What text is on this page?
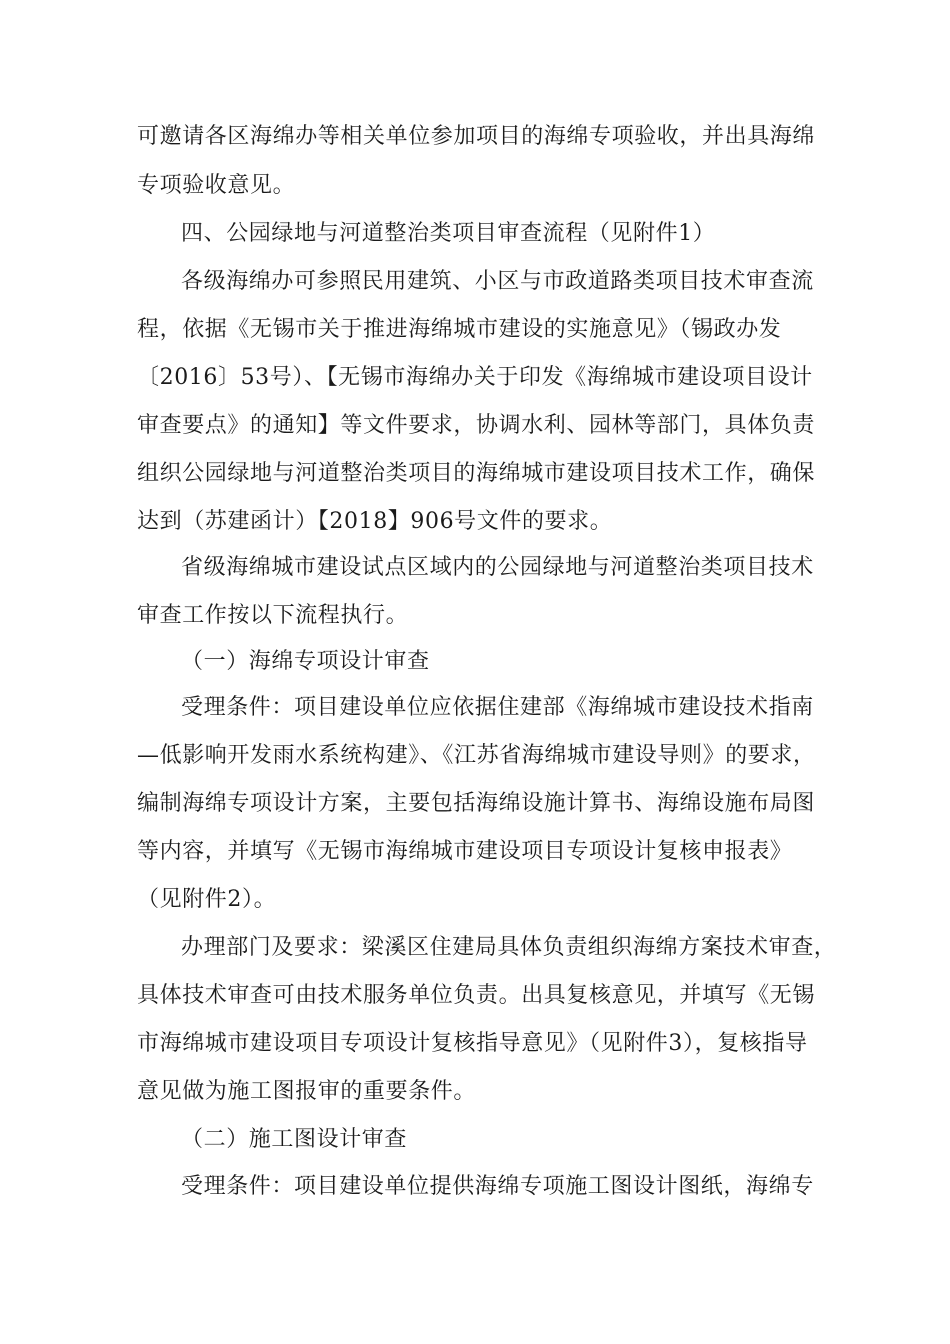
可邀请各区海绵办等相关单位参加项目的海绵专项验收，并出具海绵
专项验收意见。
四、公园绿地与河道整治类项目审查流程（见附件1）
各级海绵办可参照民用建筑、小区与市政道路类项目技术审查流
程，依据《无锡市关于推进海绵城市建设的实施意见》（锡政办发
〔2016〕53号）、【无锡市海绵办关于印发《海绵城市建设项目设计
审查要点》的通知】等文件要求，协调水利、园林等部门，具体负责
组织公园绿地与河道整治类项目的海绵城市建设项目技术工作，确保
达到（苏建函计）【2018】906号文件的要求。
省级海绵城市建设试点区域内的公园绿地与河道整治类项目技术
审查工作按以下流程执行。
（一）海绵专项设计审查
受理条件：项目建设单位应依据住建部《海绵城市建设技术指南
—低影响开发雨水系统构建》、《江苏省海绵城市建设导则》的要求，
编制海绵专项设计方案，主要包括海绵设施计算书、海绵设施布局图
等内容，并填写《无锡市海绵城市建设项目专项设计复核申报表》
（见附件2）。
办理部门及要求：梁溪区住建局具体负责组织海绵方案技术审查，
具体技术审查可由技术服务单位负责。出具复核意见，并填写《无锡
市海绵城市建设项目专项设计复核指导意见》（见附件3），复核指导
意见做为施工图报审的重要条件。
（二）施工图设计审查
受理条件：项目建设单位提供海绵专项施工图设计图纸，海绵专
